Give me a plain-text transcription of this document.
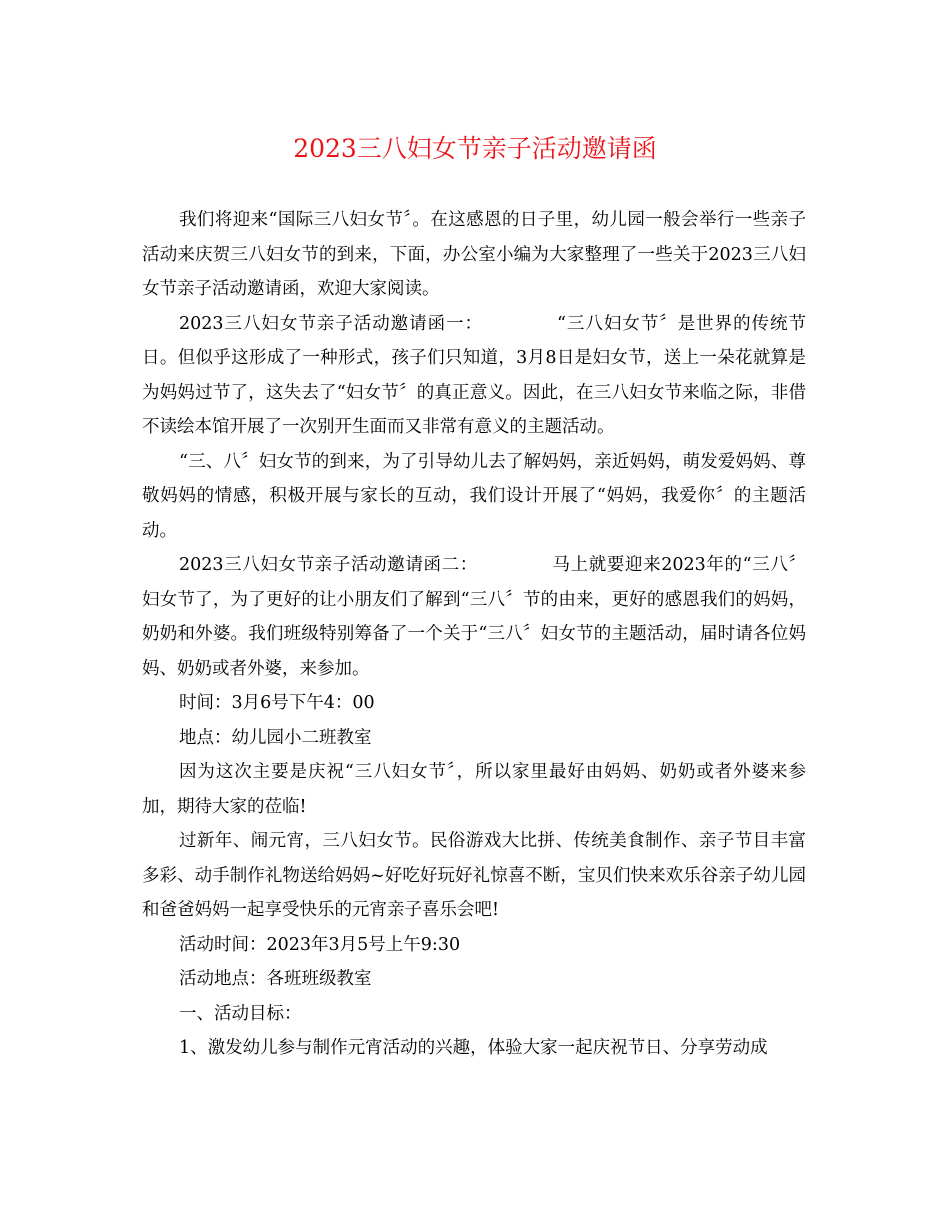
2023三八妇女节亲子活动邀请函

我们将迎来“国际三八妇女节〞。在这感恩的日子里，幼儿园一般会举行一些亲子活动来庆贺三八妇女节的到来，下面，办公室小编为大家整理了一些关于2023三八妇女节亲子活动邀请函，欢迎大家阅读。

2023三八妇女节亲子活动邀请函一：	“三八妇女节〞是世界的传统节日。但似乎这形成了一种形式，孩子们只知道，3月8日是妇女节，送上一朵花就算是为妈妈过节了，这失去了“妇女节〞的真正意义。因此，在三八妇女节来临之际，非借不读绘本馆开展了一次别开生面而又非常有意义的主题活动。

“三、八〞妇女节的到来，为了引导幼儿去了解妈妈，亲近妈妈，萌发爱妈妈、尊敬妈妈的情感，积极开展与家长的互动，我们设计开展了“妈妈，我爱你〞的主题活动。

2023三八妇女节亲子活动邀请函二：	马上就要迎来2023年的“三八〞妇女节了，为了更好的让小朋友们了解到“三八〞节的由来，更好的感恩我们的妈妈，奶奶和外婆。我们班级特别筹备了一个关于“三八〞妇女节的主题活动，届时请各位妈妈、奶奶或者外婆，来参加。

时间：3月6号下午4：00

地点：幼儿园小二班教室

因为这次主要是庆祝“三八妇女节〞，所以家里最好由妈妈、奶奶或者外婆来参加，期待大家的莅临!

过新年、闹元宵，三八妇女节。民俗游戏大比拼、传统美食制作、亲子节目丰富多彩、动手制作礼物送给妈妈~好吃好玩好礼惊喜不断，宝贝们快来欢乐谷亲子幼儿园和爸爸妈妈一起享受快乐的元宵亲子喜乐会吧!

活动时间：2023年3月5号上午9:30

活动地点：各班班级教室

一、活动目标：

1、激发幼儿参与制作元宵活动的兴趣，体验大家一起庆祝节日、分享劳动成
